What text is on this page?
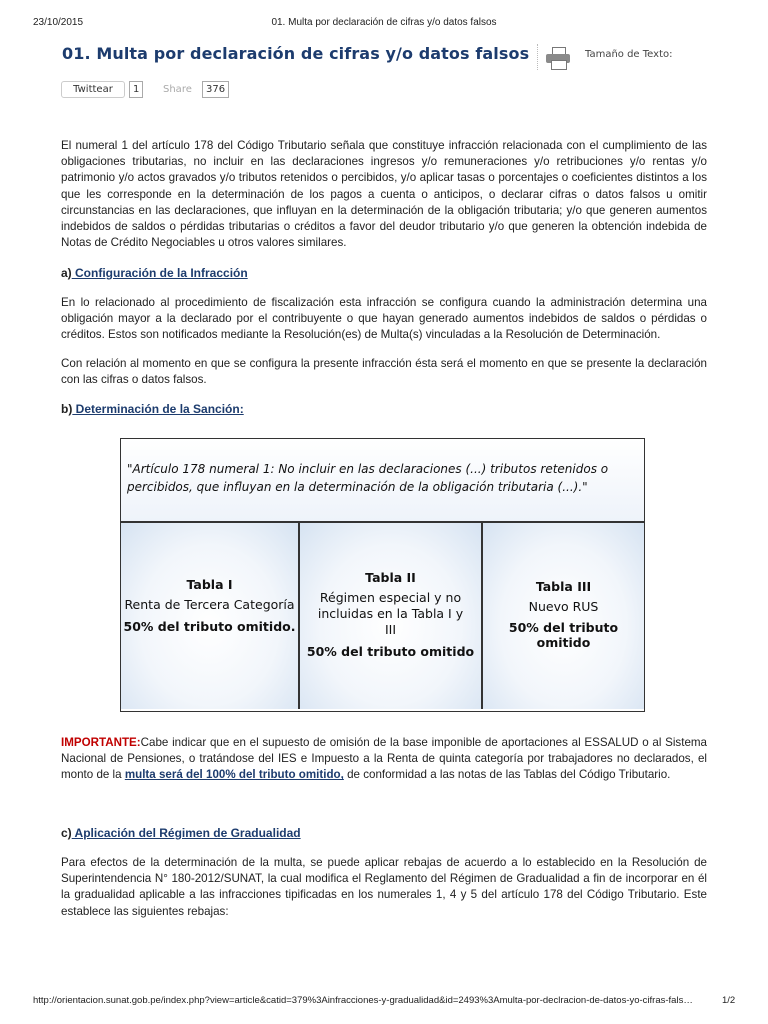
23/10/2015	01. Multa por declaración de cifras y/o datos falsos
01. Multa por declaración de cifras y/o datos falsos	Tamaño de Texto:
Twittear	1	Share	376
El numeral 1 del artículo 178 del Código Tributario señala que constituye infracción relacionada con el cumplimiento de las obligaciones tributarias, no incluir en las declaraciones ingresos y/o remuneraciones y/o retribuciones y/o rentas y/o patrimonio y/o actos gravados y/o tributos retenidos o percibidos, y/o aplicar tasas o porcentajes o coeficientes distintos a los que les corresponde en la determinación de los pagos a cuenta o anticipos, o declarar cifras o datos falsos u omitir circunstancias en las declaraciones, que influyan en la determinación de la obligación tributaria; y/o que generen aumentos indebidos de saldos o pérdidas tributarias o créditos a favor del deudor tributario y/o que generen la obtención indebida de Notas de Crédito Negociables u otros valores similares.
a) Configuración de la Infracción
En lo relacionado al procedimiento de fiscalización esta infracción se configura cuando la administración determina una obligación mayor a la declarado por el contribuyente o que hayan generado aumentos indebidos de saldos o pérdidas o créditos. Estos son notificados mediante la Resolución(es) de Multa(s) vinculadas a la Resolución de Determinación.
Con relación al momento en que se configura la presente infracción ésta será el momento en que se presente la declaración con las cifras o datos falsos.
b) Determinación de la Sanción:

"Artículo 178 numeral 1: No incluir en las declaraciones (...) tributos retenidos o percibidos, que influyan en la determinación de la obligación tributaria (...)."

Tabla I
Renta de Tercera Categoría
50% del tributo omitido.
Tabla II
Régimen especial y no incluidas en la Tabla I y III
50% del tributo omitido
Tabla III
Nuevo RUS
50% del tributo omitido
IMPORTANTE:Cabe indicar que en el supuesto de omisión de la base imponible de aportaciones al ESSALUD o al Sistema Nacional de Pensiones, o tratándose del IES e Impuesto a la Renta de quinta categoría por trabajadores no declarados, el monto de la multa será del 100% del tributo omitido, de conformidad a las notas de las Tablas del Código Tributario.
c) Aplicación del Régimen de Gradualidad
Para efectos de la determinación de la multa, se puede aplicar rebajas de acuerdo a lo establecido en la Resolución de Superintendencia N° 180-2012/SUNAT, la cual modifica el Reglamento del Régimen de Gradualidad a fin de incorporar en él la gradualidad aplicable a las infracciones tipificadas en los numerales 1, 4 y 5 del artículo 178 del Código Tributario. Este establece las siguientes rebajas:
http://orientacion.sunat.gob.pe/index.php?view=article&catid=379%3Ainfracciones-y-gradualidad&id=2493%3Amulta-por-declracion-de-datos-yo-cifras-fals…	1/2
